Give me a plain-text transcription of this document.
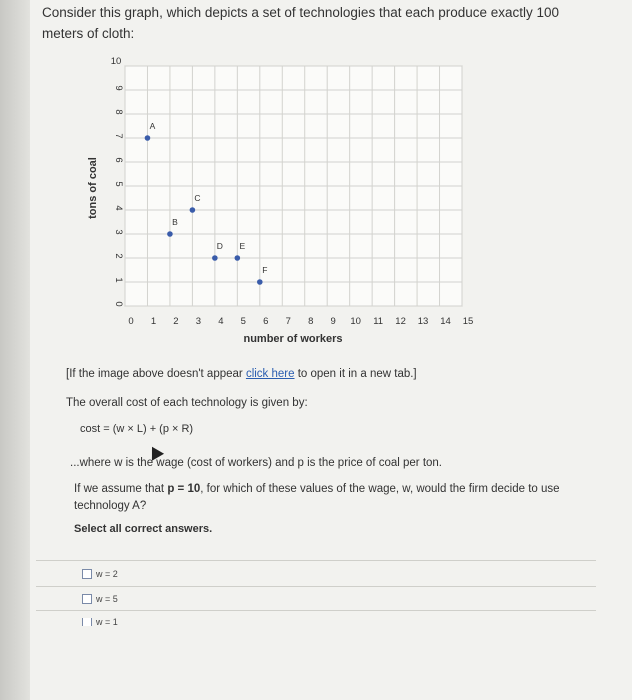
Consider this graph, which depicts a set of technologies that each produce exactly 100 meters of cloth:
0 1 2 3 4 5 6 7 8 9 10 11 12 13 14 15
0
1
2
3
4
5
6
7
8
9
10
number of workers
tons of coal
A
B
C
D E
F
[If the image above doesn't appear click here to open it in a new tab.]
The overall cost of each technology is given by:
cost = (w × L) + (p × R)
...where w is the wage (cost of workers) and p is the price of coal per ton.
If we assume that p = 10, for which of these values of the wage, w, would the firm decide to use technology A?
Select all correct answers.
w = 2
w = 5
w = 1
